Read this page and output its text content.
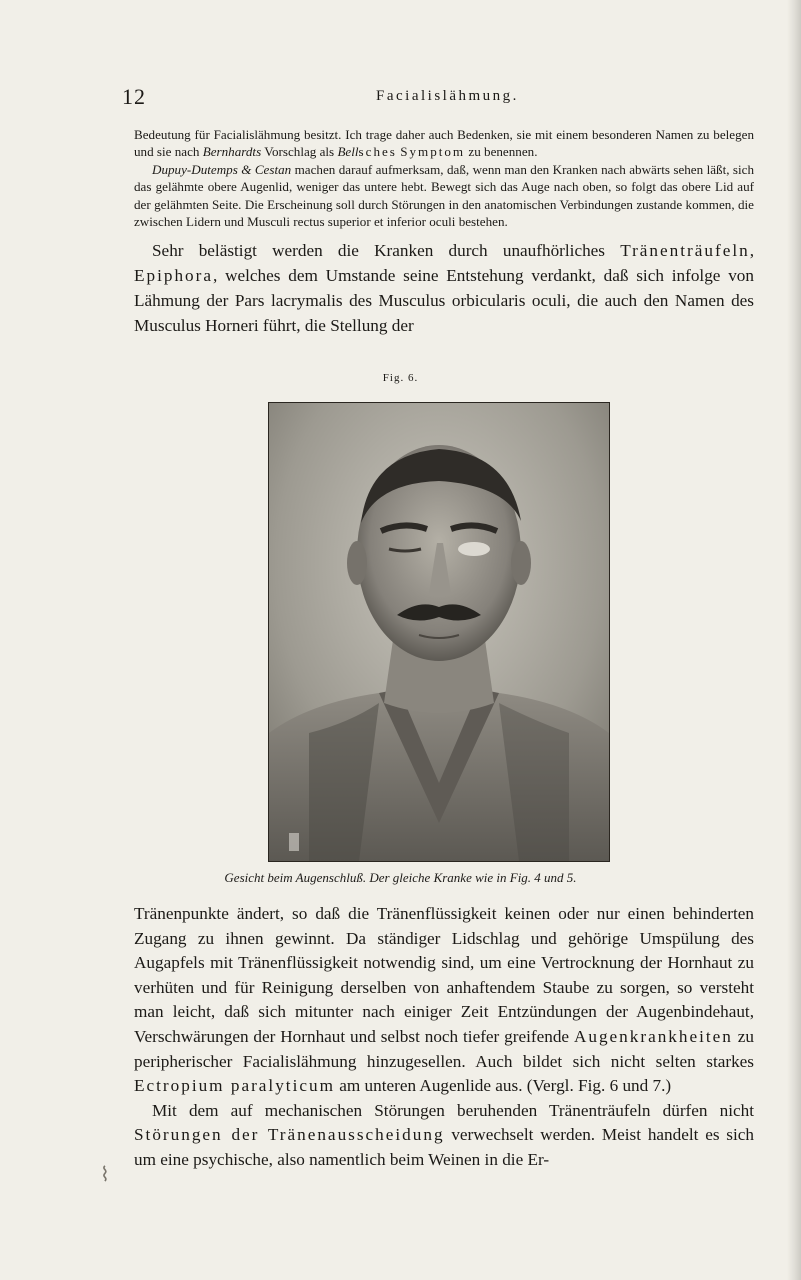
12	Facialislähmung.

Bedeutung für Facialislähmung besitzt. Ich trage daher auch Bedenken, sie mit einem besonderen Namen zu belegen und sie nach Bernhardts Vorschlag als Bellsches Symptom zu benennen.

Dupuy-Dutemps & Cestan machen darauf aufmerksam, daß, wenn man den Kranken nach abwärts sehen läßt, sich das gelähmte obere Augenlid, weniger das untere hebt. Bewegt sich das Auge nach oben, so folgt das obere Lid auf der gelähmten Seite. Die Erscheinung soll durch Störungen in den anatomischen Verbindungen zustande kommen, die zwischen Lidern und Musculi rectus superior et inferior oculi bestehen.

Sehr belästigt werden die Kranken durch unaufhörliches Tränenträufeln, Epiphora, welches dem Umstande seine Entstehung verdankt, daß sich infolge von Lähmung der Pars lacrymalis des Musculus orbicularis oculi, die auch den Namen des Musculus Horneri führt, die Stellung der

Fig. 6.
Gesicht beim Augenschluß. Der gleiche Kranke wie in Fig. 4 und 5.

Tränenpunkte ändert, so daß die Tränenflüssigkeit keinen oder nur einen behinderten Zugang zu ihnen gewinnt. Da ständiger Lidschlag und gehörige Umspülung des Augapfels mit Tränenflüssigkeit notwendig sind, um eine Vertrocknung der Hornhaut zu verhüten und für Reinigung derselben von anhaftendem Staube zu sorgen, so versteht man leicht, daß sich mitunter nach einiger Zeit Entzündungen der Augenbindehaut, Verschwärungen der Hornhaut und selbst noch tiefer greifende Augenkrankheiten zu peripherischer Facialislähmung hinzugesellen. Auch bildet sich nicht selten starkes Ectropium paralyticum am unteren Augenlide aus. (Vergl. Fig. 6 und 7.)

Mit dem auf mechanischen Störungen beruhenden Tränenträufeln dürfen nicht Störungen der Tränenausscheidung verwechselt werden. Meist handelt es sich um eine psychische, also namentlich beim Weinen in die Er-

⌇
